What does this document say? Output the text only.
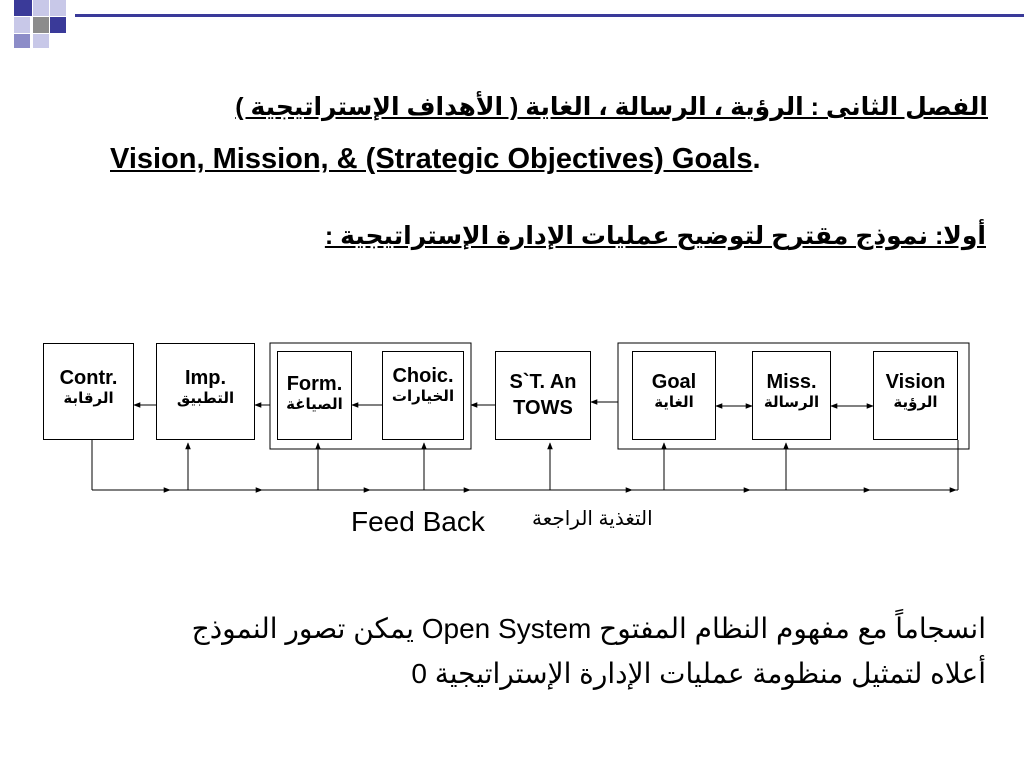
الفصل الثانى : الرؤية ، الرسالة ، الغاية ( الأهداف الإستراتيجية )
Vision, Mission, & (Strategic Objectives) Goals.
أولا: نموذج مقترح لتوضيح عمليات الإدارة الإستراتيجية :
Contr.
الرقابة
Imp.
التطبيق
Form.
الصياغة
Choic.
الخيارات
S`T. An
TOWS
Goal
الغاية
Miss.
الرسالة
Vision
الرؤية
Feed Back التغذية الراجعة
انسجاماً مع مفهوم النظام المفتوح Open System يمكن تصور النموذج
أعلاه لتمثيل منظومة عمليات الإدارة الإستراتيجية 0
